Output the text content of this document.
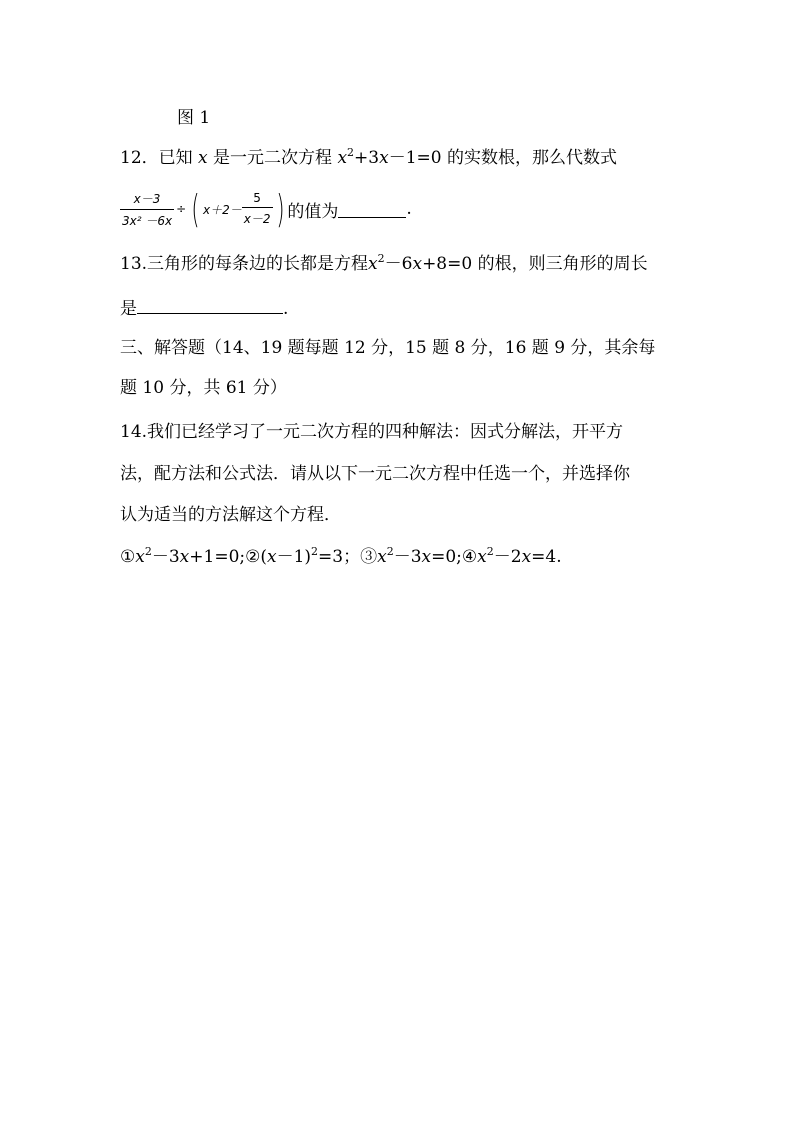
图 1
12．已知 x 是一元二次方程 $x^2+3x-1=0$ 的实数根，那么代数式
$\frac{x-3}{\text{3x² －6x}}$ ÷ ( $x+2- \frac{5}{x-2}$ ) 的值为	.
13.三角形的每条边的长都是方程$x^2-6x+8=0$ 的根，则三角形的周长
是	.
三、解答题（14、19 题每题 12 分，15 题 8 分，16 题 9 分，其余每
题 10 分，共 61 分）
14.我们已经学习了一元二次方程的四种解法：因式分解法，开平方
法，配方法和公式法．请从以下一元二次方程中任选一个，并选择你
认为适当的方法解这个方程．
$①x^2-3x+1=0;②(x-1)^2=3$；$③x^2-3x=0;④x^2-2x=4$.
